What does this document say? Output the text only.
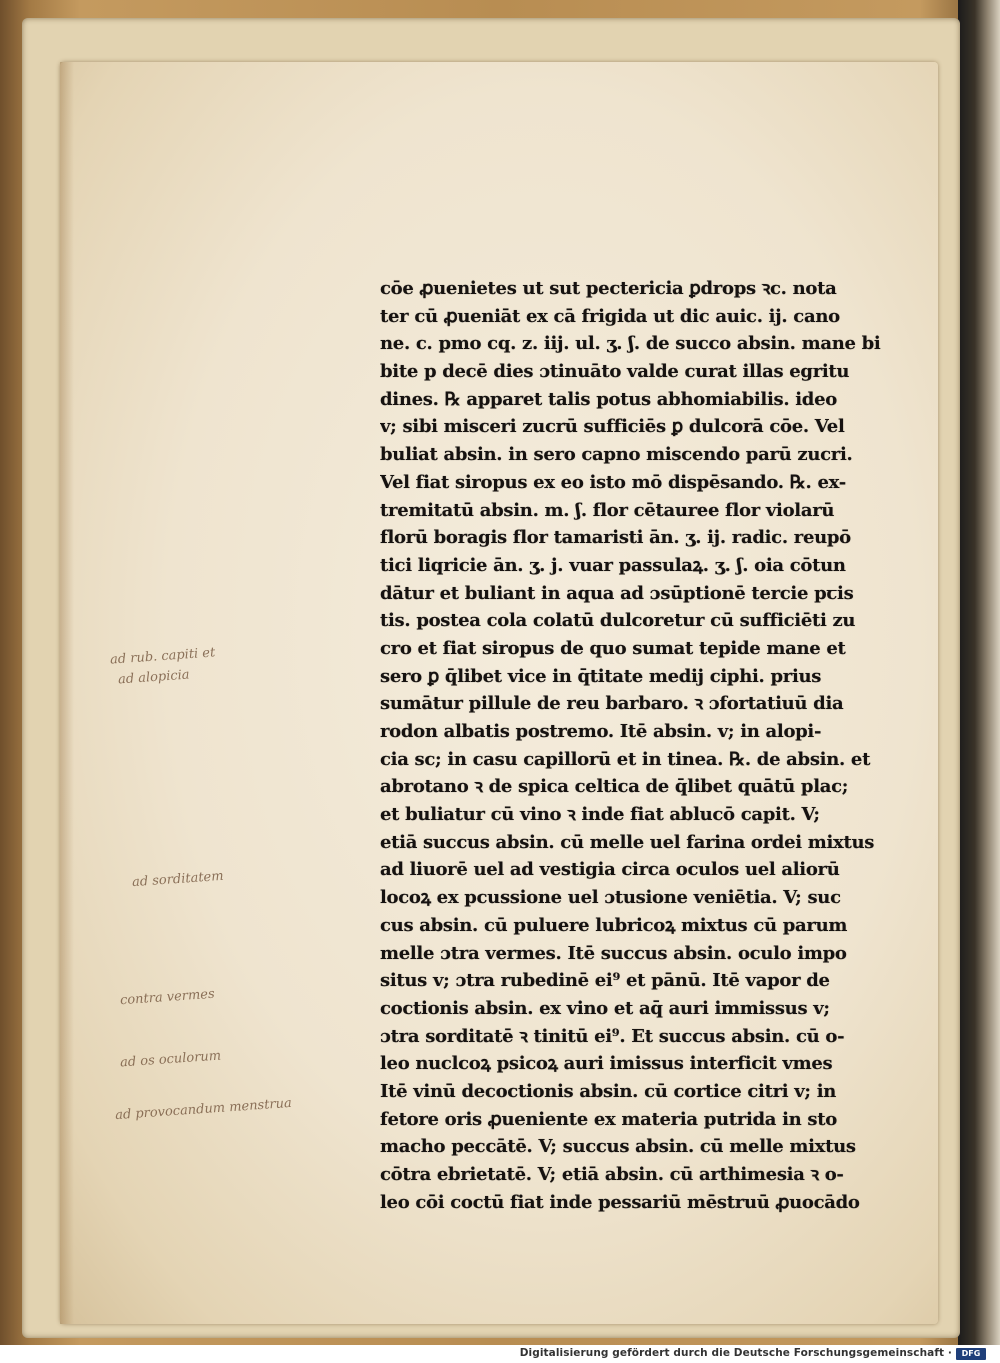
cōe ꝓuenietes ut sut pectericia ꝑdrops ꝛc. nota
ter cū ꝓueniāt ex cā frigida ut dic auic. ij. cano
ne. c. pmo cq. z. iij. ul. ʒ. ʃ. de succo absin. mane bi
bite p decē dies ɔtinuāto valde curat illas egritu
dines. ℞ apparet talis potus abhomiabilis. ideo
v; sibi misceri zucrū sufficiēs ꝑ dulcorā cōe. Vel
buliat absin. in sero capno miscendo parū zucri.
Vel fiat siropus ex eo isto mō dispēsando. ℞. ex-
tremitatū absin. m. ʃ. flor cētauree flor violarū
florū boragis flor tamaristi ān. ʒ. ij. radic. reupō
tici liqricie ān. ʒ. j. vuar passulaꝝ. ʒ. ʃ. oia cōtun
dātur et buliant in aqua ad ɔsūptionē tercie pꞇis
tis. postea cola colatū dulcoretur cū sufficiēti zu
cro et fiat siropus de quo sumat tepide mane et
sero ꝑ q̄libet vice in q̄titate medij ciphi. prius
sumātur pillule de reu barbaro. ꝛ ɔfortatiuū dia
rodon albatis postremo. Itē absin. v; in alopi-
cia sc; in casu capillorū et in tinea. ℞. de absin. et
abrotano ꝛ de spica celtica de q̄libet quātū plac;
et buliatur cū vino ꝛ inde fiat ablucō capit. V;
etiā succus absin. cū melle uel farina ordei mixtus
ad liuorē uel ad vestigia circa oculos uel aliorū
locoꝝ ex pcussione uel ɔtusione veniētia. V; suc
cus absin. cū puluere lubricoꝝ mixtus cū parum
melle ɔtra vermes. Itē succus absin. oculo impo
situs v; ɔtra rubedinē ei⁹ et pānū. Itē vapor de
coctionis absin. ex vino et aq̄ auri immissus v;
ɔtra sorditatē ꝛ tinitū ei⁹. Et succus absin. cū o-
leo nuclcoꝝ psicoꝝ auri imissus interficit vmes
Itē vinū decoctionis absin. cū cortice citri v; in
fetore oris ꝓueniente ex materia putrida in sto
macho peccātē. V; succus absin. cū melle mixtus
cōtra ebrietatē. V; etiā absin. cū arthimesia ꝛ o-
leo cōi coctū fiat inde pessariū mēstruū ꝓuocādo
ad rub. capiti et
ad alopicia
ad sorditatem
contra vermes
ad os oculorum
ad provocandum menstrua
Digitalisierung gefördert durch die Deutsche Forschungsgemeinschaft ·	DFG
